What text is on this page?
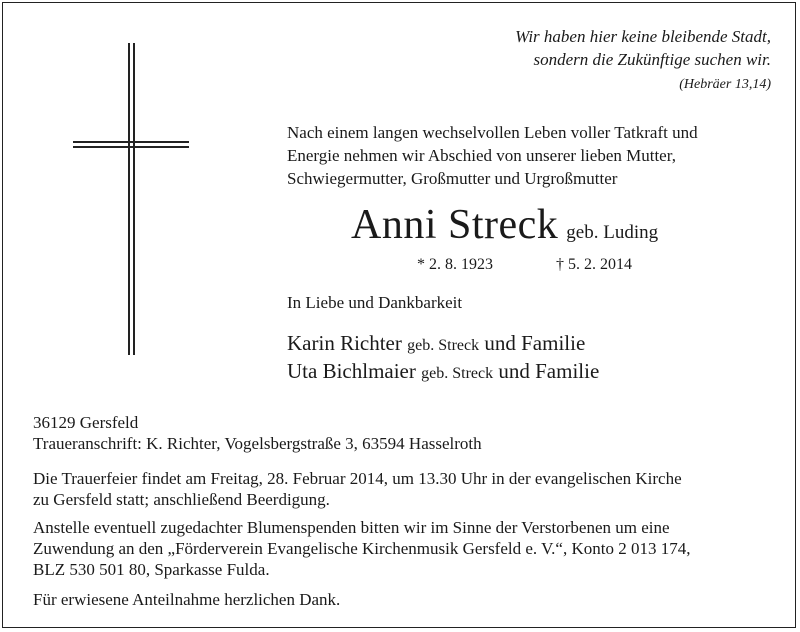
Wir haben hier keine bleibende Stadt,
sondern die Zukünftige suchen wir.
(Hebräer 13,14)
Nach einem langen wechselvollen Leben voller Tatkraft und
Energie nehmen wir Abschied von unserer lieben Mutter,
Schwiegermutter, Großmutter und Urgroßmutter
Anni Streck geb. Luding
* 2. 8. 1923	† 5. 2. 2014
In Liebe und Dankbarkeit
Karin Richter geb. Streck und Familie
Uta Bichlmaier geb. Streck und Familie
36129 Gersfeld
Traueranschrift: K. Richter, Vogelsbergstraße 3, 63594 Hasselroth
Die Trauerfeier findet am Freitag, 28. Februar 2014, um 13.30 Uhr in der evangelischen Kirche
zu Gersfeld statt; anschließend Beerdigung.
Anstelle eventuell zugedachter Blumenspenden bitten wir im Sinne der Verstorbenen um eine
Zuwendung an den „Förderverein Evangelische Kirchenmusik Gersfeld e. V.“, Konto 2 013 174,
BLZ 530 501 80, Sparkasse Fulda.
Für erwiesene Anteilnahme herzlichen Dank.
